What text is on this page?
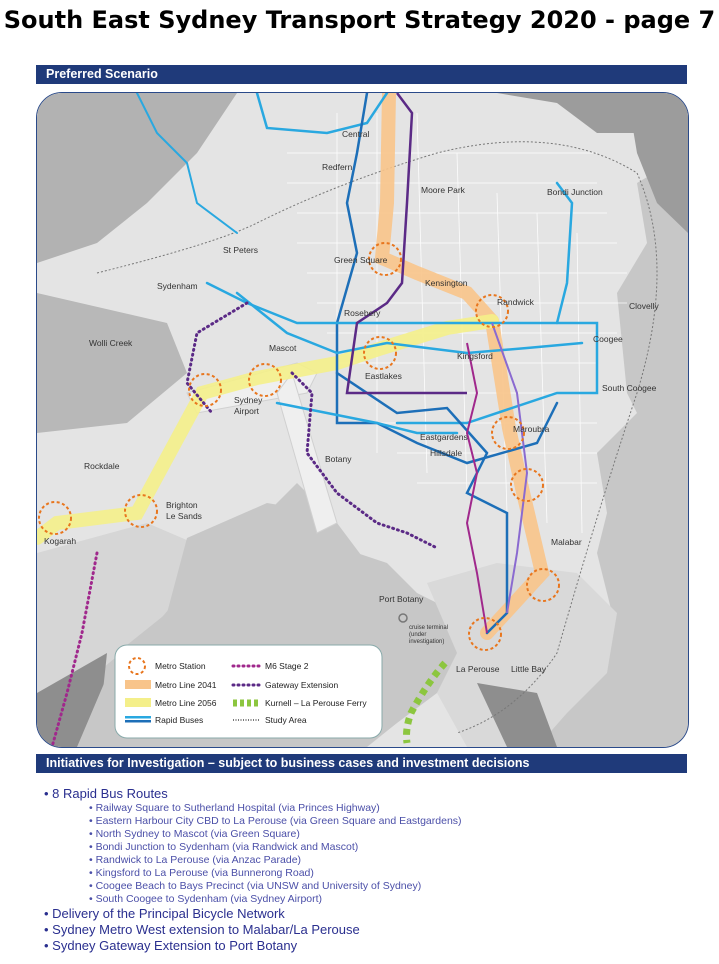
South East Sydney Transport Strategy 2020 - page 7
Preferred Scenario
Central
Redfern
Moore Park	Bondi Junction
St Peters
Green Square
Sydenham	Kensington
Randwick	Clovelly
Mascot
Rosebery
Wolli Creek	Coogee
Kingsford
Eastlakes
South Coogee
Sydney
Airport
Eastgardens
Maroubra
Rockdale
Botany
Hillsdale
Brighton
Le Sands
Kogarah	Malabar
Port Botany
cruise terminal
(under
investigation)
La Perouse Little Bay
Metro Station
Metro Line 2041
Metro Line 2056
Rapid Buses
M6 Stage 2
Gateway Extension
Kurnell – La Perouse Ferry
Study Area
Initiatives for Investigation – subject to business cases and investment decisions

• 8 Rapid Bus Routes

• Railway Square to Sutherland Hospital (via Princes Highway)

• Eastern Harbour City CBD to La Perouse (via Green Square and Eastgardens)

• North Sydney to Mascot (via Green Square)

• Bondi Junction to Sydenham (via Randwick and Mascot)

• Randwick to La Perouse (via Anzac Parade)

• Kingsford to La Perouse (via Bunnerong Road)

• Coogee Beach to Bays Precinct (via UNSW and University of Sydney)

• South Coogee to Sydenham (via Sydney Airport)

• Delivery of the Principal Bicycle Network

• Sydney Metro West extension to Malabar/La Perouse

• Sydney Gateway Extension to Port Botany
